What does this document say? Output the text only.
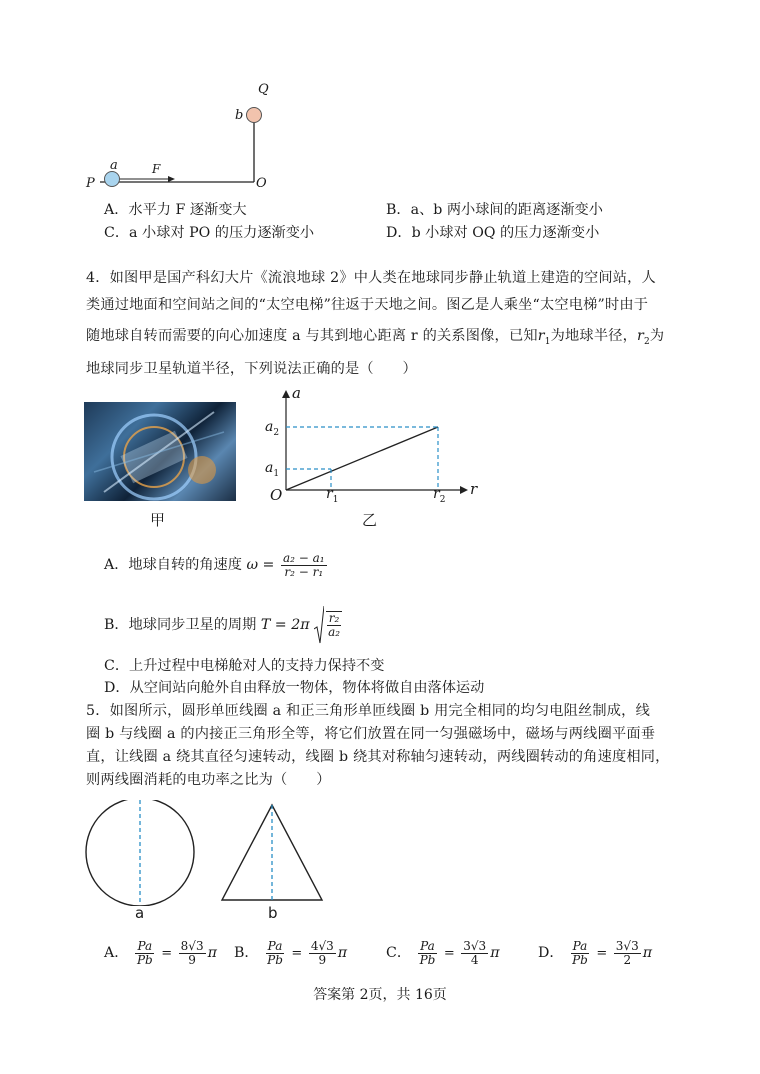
Q
b
a	F
P	O
A．水平力 F 逐渐变大	B．a、b 两小球间的距离逐渐变小
C．a 小球对 PO 的压力逐渐变小	D．b 小球对 OQ 的压力逐渐变小
4．如图甲是国产科幻大片《流浪地球 2》中人类在地球同步静止轨道上建造的空间站，人
类通过地面和空间站之间的“太空电梯”往返于天地之间。图乙是人乘坐“太空电梯”时由于
随地球自转而需要的向心加速度 a 与其到地心距离 r 的关系图像，已知$r_1$为地球半径，$r_2$为
地球同步卫星轨道半径，下列说法正确的是（　　）
甲
a
$a_2$
$a_1$
O	$r_1$	$r_2$
r
乙
A．地球自转的角速度 $\omega = \frac{\text{a₂ − a₁}}{\text{r₂ − r₁}}$
B．地球同步卫星的周期 $T = 2\pi \frac{\text{r₂}}{\text{a₂}}$
C．上升过程中电梯舱对人的支持力保持不变
D．从空间站向舱外自由释放一物体，物体将做自由落体运动
5．如图所示，圆形单匝线圈 a 和正三角形单匝线圈 b 用完全相同的均匀电阻丝制成，线
圈 b 与线圈 a 的内接正三角形全等，将它们放置在同一匀强磁场中，磁场与两线圈平面垂
直，让线圈 a 绕其直径匀速转动，线圈 b 绕其对称轴匀速转动，两线圈转动的角速度相同，
则两线圈消耗的电功率之比为（　　）
a	b
A． $\frac{Pa}{Pb} = \frac{8√3}{9}$ π B． $\frac{Pa}{Pb} = \frac{4√3}{9}$ π	C． $\frac{Pa}{Pb} = \frac{3√3}{4}$ π	D． $\frac{Pa}{Pb} = \frac{3√3}{2}$ π
答案第 2页，共 16页
